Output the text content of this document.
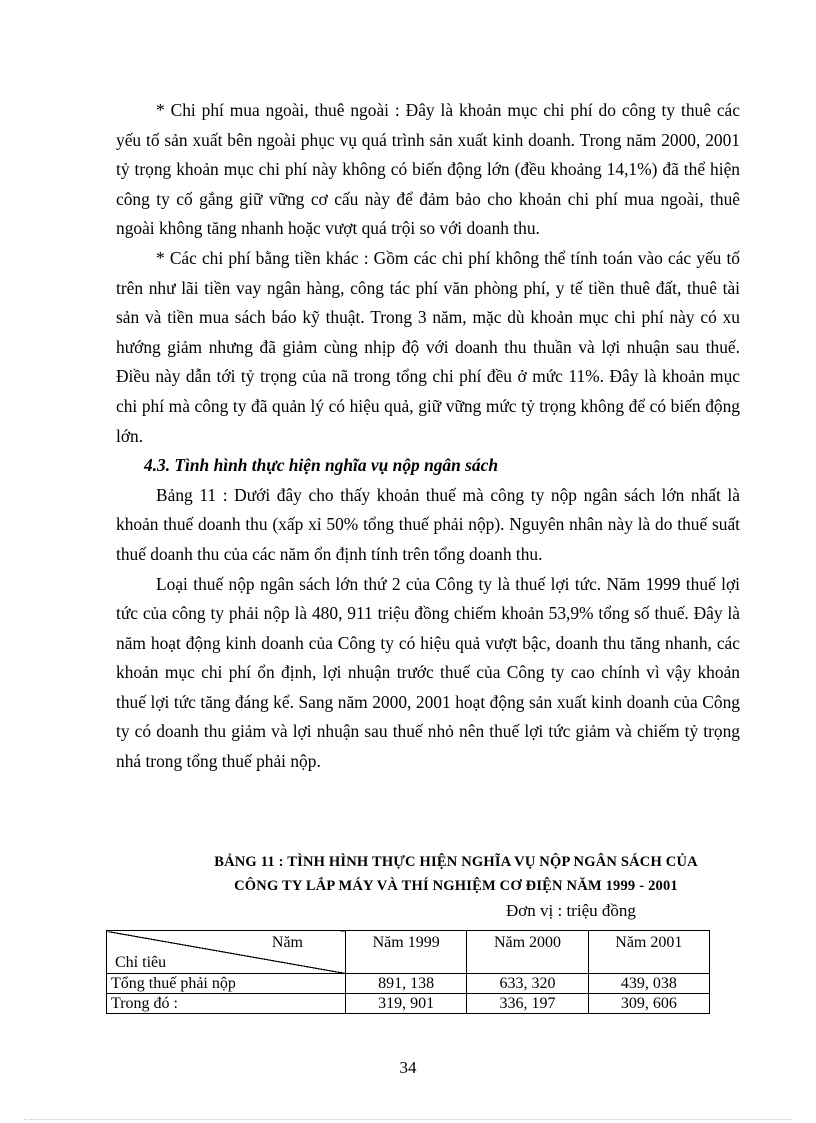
* Chi phí mua ngoài, thuê ngoài : Đây là khoản mục chi phí do công ty thuê các yếu tố sản xuất bên ngoài phục vụ quá trình sản xuất kinh doanh. Trong năm 2000, 2001 tỷ trọng khoản mục chi phí này không có biến động lớn (đều khoảng 14,1%) đã thể hiện công ty cố gắng giữ vững cơ cấu này để đảm bảo cho khoản chi phí mua ngoài, thuê ngoài không tăng nhanh hoặc vượt quá trội so với doanh thu.

* Các chi phí bằng tiền khác : Gồm các chi phí không thể tính toán vào các yếu tố trên như lãi tiền vay ngân hàng, công tác phí văn phòng phí, y tế tiền thuê đất, thuê tài sản và tiền mua sách báo kỹ thuật. Trong 3 năm, mặc dù khoản mục chi phí này có xu hướng giảm nhưng đã giảm cùng nhịp độ với doanh thu thuần và lợi nhuận sau thuế. Điều này dẫn tới tỷ trọng của nã trong tổng chi phí đều ở mức 11%. Đây là khoản mục chi phí mà công ty đã quản lý có hiệu quả, giữ vững mức tỷ trọng không để có biến động lớn.

4.3. Tình hình thực hiện nghĩa vụ nộp ngân sách

Bảng 11 : Dưới đây cho thấy khoản thuế mà công ty nộp ngân sách lớn nhất là khoản thuế doanh thu (xấp xỉ 50% tổng thuế phải nộp). Nguyên nhân này là do thuế suất thuế doanh thu của các năm ổn định tính trên tổng doanh thu.

Loại thuế nộp ngân sách lớn thứ 2 của Công ty là thuế lợi tức. Năm 1999 thuế lợi tức của công ty phải nộp là 480, 911 triệu đồng chiếm khoản 53,9% tổng số thuế. Đây là năm hoạt động kinh doanh của Công ty có hiệu quả vượt bậc, doanh thu tăng nhanh, các khoản mục chi phí ổn định, lợi nhuận trước thuế của Công ty cao chính vì vậy khoản thuế lợi tức tăng đáng kể. Sang năm 2000, 2001 hoạt động sản xuất kinh doanh của Công ty có doanh thu giảm và lợi nhuận sau thuế nhỏ nên thuế lợi tức giảm và chiếm tỷ trọng nhá trong tổng thuế phải nộp.

BẢNG 11 : TÌNH HÌNH THỰC HIỆN NGHĨA VỤ NỘP NGÂN SÁCH CỦA
CÔNG TY LẮP MÁY VÀ THÍ NGHIỆM CƠ ĐIỆN NĂM 1999 - 2001
Đơn vị : triệu đồng
Năm
Chỉ tiêu	Năm 1999	Năm 2000	Năm 2001
Tổng thuế phải nộp	891, 138	633, 320	439, 038
Trong đó :	319, 901	336, 197	309, 606
34
